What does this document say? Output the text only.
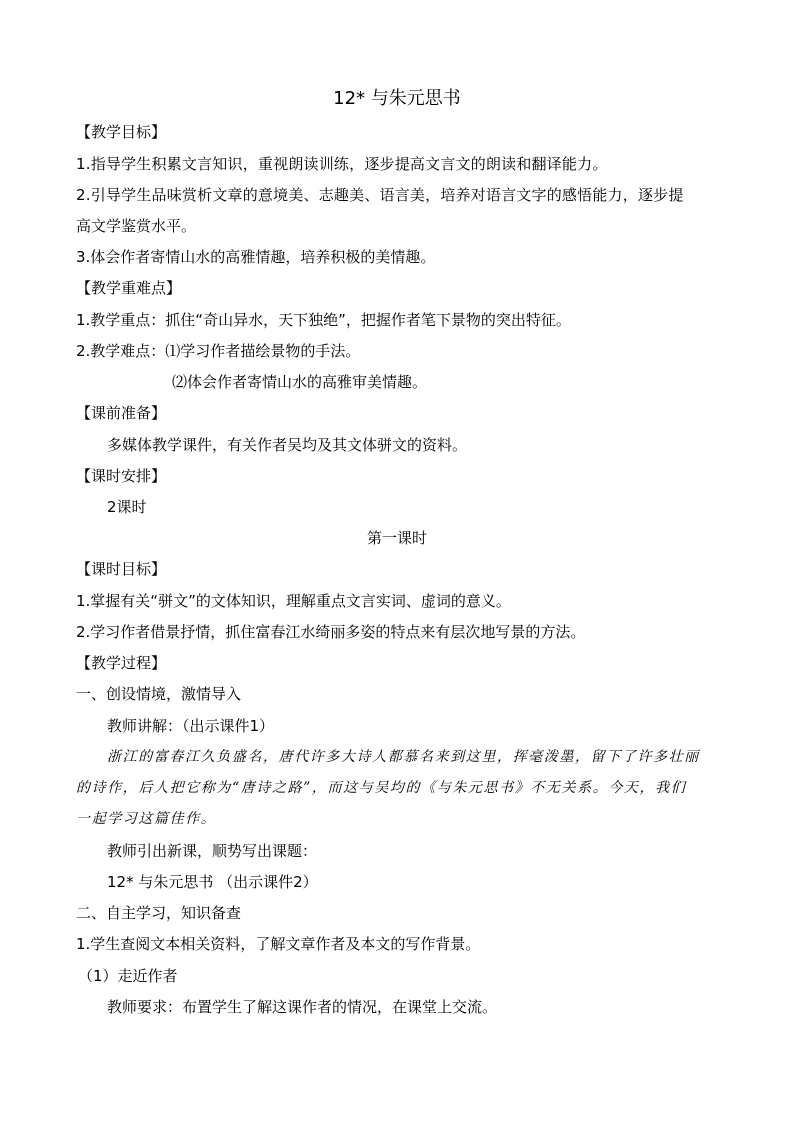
12* 与朱元思书
【教学目标】
1.指导学生积累文言知识，重视朗读训练，逐步提高文言文的朗读和翻译能力。
2.引导学生品味赏析文章的意境美、志趣美、语言美，培养对语言文字的感悟能力，逐步提
高文学鉴赏水平。
3.体会作者寄情山水的高雅情趣，培养积极的美情趣。
【教学重难点】
1.教学重点：抓住“奇山异水，天下独绝”，把握作者笔下景物的突出特征。
2.教学难点：⑴学习作者描绘景物的手法。
⑵体会作者寄情山水的高雅审美情趣。
【课前准备】
多媒体教学课件，有关作者吴均及其文体骈文的资料。
【课时安排】
2课时
第一课时
【课时目标】
1.掌握有关“骈文”的文体知识，理解重点文言实词、虚词的意义。
2.学习作者借景抒情，抓住富春江水绮丽多姿的特点来有层次地写景的方法。
【教学过程】
一、创设情境，激情导入
教师讲解：（出示课件1）
浙江的富春江久负盛名，唐代许多大诗人都慕名来到这里，挥毫泼墨，留下了许多壮丽
的诗作，后人把它称为“唐诗之路”，而这与吴均的《与朱元思书》不无关系。今天，我们
一起学习这篇佳作。
教师引出新课，顺势写出课题：
12* 与朱元思书 （出示课件2）
二、自主学习，知识备查
1.学生查阅文本相关资料，了解文章作者及本文的写作背景。
（1）走近作者
教师要求：布置学生了解这课作者的情况，在课堂上交流。
